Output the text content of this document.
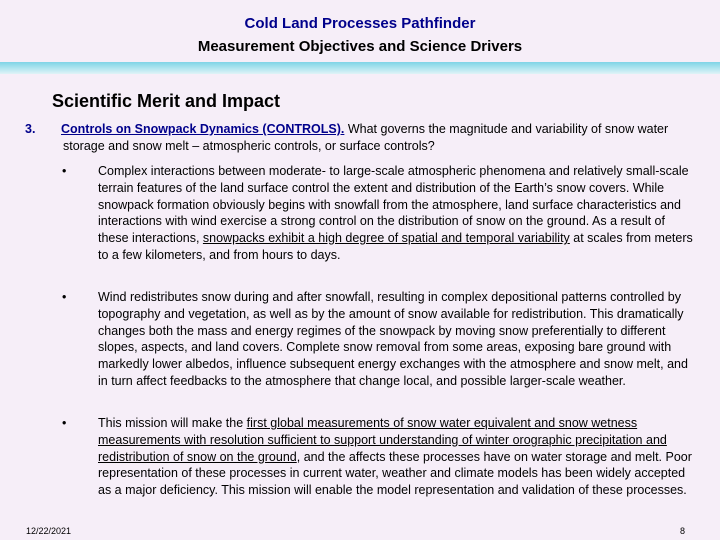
Cold Land Processes Pathfinder
Measurement Objectives and Science Drivers
Scientific Merit and Impact
3. Controls on Snowpack Dynamics (CONTROLS). What governs the magnitude and variability of snow water storage and snow melt – atmospheric controls, or surface controls?
•	Complex interactions between moderate- to large-scale atmospheric phenomena and relatively small-scale terrain features of the land surface control the extent and distribution of the Earth’s snow covers. While snowpack formation obviously begins with snowfall from the atmosphere, land surface characteristics and interactions with wind exercise a strong control on the distribution of snow on the ground. As a result of these interactions, snowpacks exhibit a high degree of spatial and temporal variability at scales from meters to a few kilometers, and from hours to days.
•	Wind redistributes snow during and after snowfall, resulting in complex depositional patterns controlled by topography and vegetation, as well as by the amount of snow available for redistribution. This dramatically changes both the mass and energy regimes of the snowpack by moving snow preferentially to different slopes, aspects, and land covers. Complete snow removal from some areas, exposing bare ground with markedly lower albedos, influence subsequent energy exchanges with the atmosphere and snow melt, and in turn affect feedbacks to the atmosphere that change local, and possible larger-scale weather.
•	This mission will make the first global measurements of snow water equivalent and snow wetness measurements with resolution sufficient to support understanding of winter orographic precipitation and redistribution of snow on the ground, and the affects these processes have on water storage and melt. Poor representation of these processes in current water, weather and climate models has been widely accepted as a major deficiency. This mission will enable the model representation and validation of these processes.
12/22/2021	8
